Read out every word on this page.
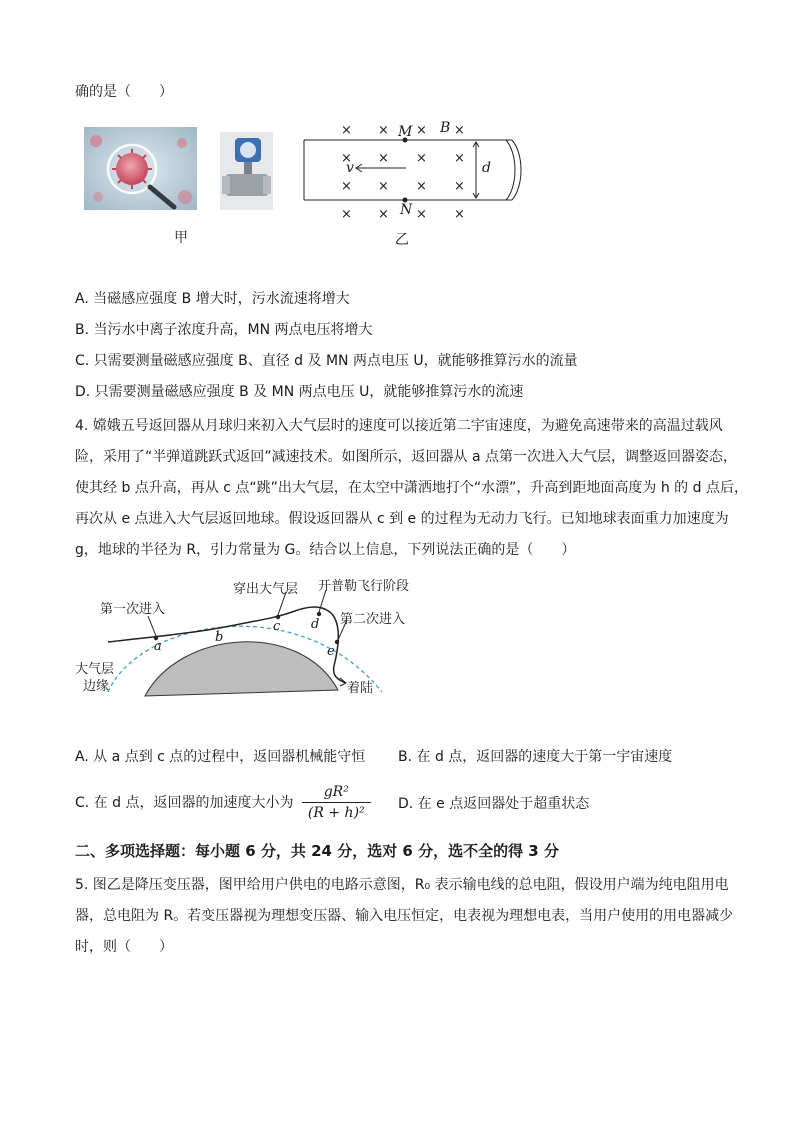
确的是（　　）
甲
× × × ×
× × × ×
× × × ×
× × × ×
M B
N
v	d
乙
A. 当磁感应强度 B 增大时，污水流速将增大
B. 当污水中离子浓度升高，MN 两点电压将增大
C. 只需要测量磁感应强度 B、直径 d 及 MN 两点电压 U，就能够推算污水的流量
D. 只需要测量磁感应强度 B 及 MN 两点电压 U，就能够推算污水的流速
4. 嫦娥五号返回器从月球归来初入大气层时的速度可以接近第二宇宙速度，为避免高速带来的高温过载风
险，采用了“半弹道跳跃式返回”减速技术。如图所示，返回器从 a 点第一次进入大气层，调整返回器姿态，
使其经 b 点升高，再从 c 点“跳”出大气层，在太空中潇洒地打个“水漂”，升高到距地面高度为 h 的 d 点后，
再次从 e 点进入大气层返回地球。假设返回器从 c 到 e 的过程为无动力飞行。已知地球表面重力加速度为
g，地球的半径为 R，引力常量为 G。结合以上信息，下列说法正确的是（　　）
第一次进入
穿出大气层 开普勒飞行阶段
第二次进入
大气层
边缘	着陆
a
b
c d
e
A. 从 a 点到 c 点的过程中，返回器机械能守恒 B. 在 d 点，返回器的速度大于第一宇宙速度
C. 在 d 点，返回器的加速度大小为 $\frac{\text{gR²}}{\text{(R + h)²}} D$. 在 e 点返回器处于超重状态
二、多项选择题：每小题 6 分，共 24 分，选对 6 分，选不全的得 3 分
5. 图乙是降压变压器，图甲给用户供电的电路示意图，R₀ 表示输电线的总电阻，假设用户端为纯电阻用电
器，总电阻为 R。若变压器视为理想变压器、输入电压恒定，电表视为理想电表，当用户使用的用电器减少
时，则（　　）
